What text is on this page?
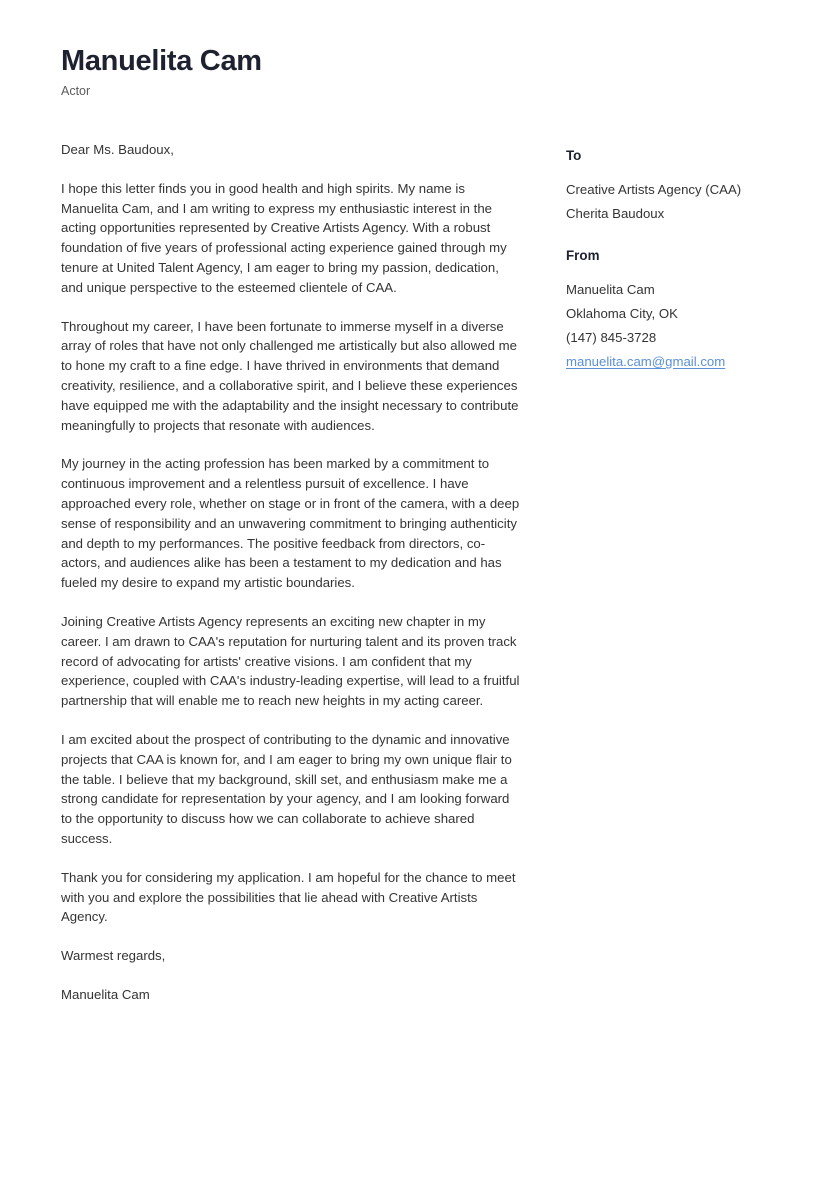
Manuelita Cam

Actor

Dear Ms. Baudoux,

I hope this letter finds you in good health and high spirits. My name is Manuelita Cam, and I am writing to express my enthusiastic interest in the acting opportunities represented by Creative Artists Agency. With a robust foundation of five years of professional acting experience gained through my tenure at United Talent Agency, I am eager to bring my passion, dedication, and unique perspective to the esteemed clientele of CAA.

Throughout my career, I have been fortunate to immerse myself in a diverse array of roles that have not only challenged me artistically but also allowed me to hone my craft to a fine edge. I have thrived in environments that demand creativity, resilience, and a collaborative spirit, and I believe these experiences have equipped me with the adaptability and the insight necessary to contribute meaningfully to projects that resonate with audiences.

My journey in the acting profession has been marked by a commitment to continuous improvement and a relentless pursuit of excellence. I have approached every role, whether on stage or in front of the camera, with a deep sense of responsibility and an unwavering commitment to bringing authenticity and depth to my performances. The positive feedback from directors, co-actors, and audiences alike has been a testament to my dedication and has fueled my desire to expand my artistic boundaries.

Joining Creative Artists Agency represents an exciting new chapter in my career. I am drawn to CAA's reputation for nurturing talent and its proven track record of advocating for artists' creative visions. I am confident that my experience, coupled with CAA's industry-leading expertise, will lead to a fruitful partnership that will enable me to reach new heights in my acting career.

I am excited about the prospect of contributing to the dynamic and innovative projects that CAA is known for, and I am eager to bring my own unique flair to the table. I believe that my background, skill set, and enthusiasm make me a strong candidate for representation by your agency, and I am looking forward to the opportunity to discuss how we can collaborate to achieve shared success.

Thank you for considering my application. I am hopeful for the chance to meet with you and explore the possibilities that lie ahead with Creative Artists Agency.

Warmest regards,

Manuelita Cam

To

Creative Artists Agency (CAA)

Cherita Baudoux

From

Manuelita Cam

Oklahoma City, OK

(147) 845-3728

manuelita.cam@gmail.com
